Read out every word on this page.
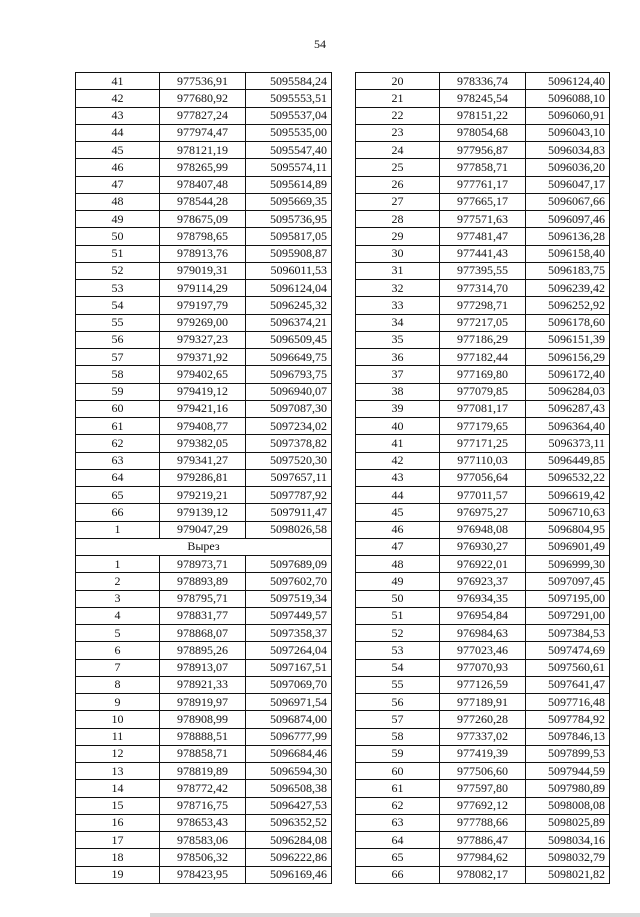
54
41	977536,91	5095584,24
42	977680,92	5095553,51
43	977827,24	5095537,04
44	977974,47	5095535,00
45	978121,19	5095547,40
46	978265,99	5095574,11
47	978407,48	5095614,89
48	978544,28	5095669,35
49	978675,09	5095736,95
50	978798,65	5095817,05
51	978913,76	5095908,87
52	979019,31	5096011,53
53	979114,29	5096124,04
54	979197,79	5096245,32
55	979269,00	5096374,21
56	979327,23	5096509,45
57	979371,92	5096649,75
58	979402,65	5096793,75
59	979419,12	5096940,07
60	979421,16	5097087,30
61	979408,77	5097234,02
62	979382,05	5097378,82
63	979341,27	5097520,30
64	979286,81	5097657,11
65	979219,21	5097787,92
66	979139,12	5097911,47
1	979047,29	5098026,58
Вырез		
1	978973,71	5097689,09
2	978893,89	5097602,70
3	978795,71	5097519,34
4	978831,77	5097449,57
5	978868,07	5097358,37
6	978895,26	5097264,04
7	978913,07	5097167,51
8	978921,33	5097069,70
9	978919,97	5096971,54
10	978908,99	5096874,00
11	978888,51	5096777,99
12	978858,71	5096684,46
13	978819,89	5096594,30
14	978772,42	5096508,38
15	978716,75	5096427,53
16	978653,43	5096352,52
17	978583,06	5096284,08
18	978506,32	5096222,86
19	978423,95	5096169,46
20	978336,74	5096124,40
21	978245,54	5096088,10
22	978151,22	5096060,91
23	978054,68	5096043,10
24	977956,87	5096034,83
25	977858,71	5096036,20
26	977761,17	5096047,17
27	977665,17	5096067,66
28	977571,63	5096097,46
29	977481,47	5096136,28
30	977441,43	5096158,40
31	977395,55	5096183,75
32	977314,70	5096239,42
33	977298,71	5096252,92
34	977217,05	5096178,60
35	977186,29	5096151,39
36	977182,44	5096156,29
37	977169,80	5096172,40
38	977079,85	5096284,03
39	977081,17	5096287,43
40	977179,65	5096364,40
41	977171,25	5096373,11
42	977110,03	5096449,85
43	977056,64	5096532,22
44	977011,57	5096619,42
45	976975,27	5096710,63
46	976948,08	5096804,95
47	976930,27	5096901,49
48	976922,01	5096999,30
49	976923,37	5097097,45
50	976934,35	5097195,00
51	976954,84	5097291,00
52	976984,63	5097384,53
53	977023,46	5097474,69
54	977070,93	5097560,61
55	977126,59	5097641,47
56	977189,91	5097716,48
57	977260,28	5097784,92
58	977337,02	5097846,13
59	977419,39	5097899,53
60	977506,60	5097944,59
61	977597,80	5097980,89
62	977692,12	5098008,08
63	977788,66	5098025,89
64	977886,47	5098034,16
65	977984,62	5098032,79
66	978082,17	5098021,82
